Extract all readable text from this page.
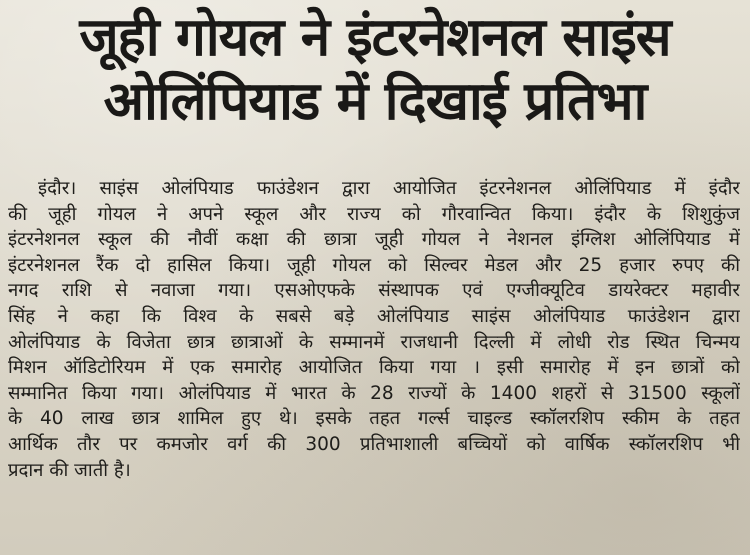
जूही गोयल ने इंटरनेशनल साइंस
ओलिंपियाड में दिखाई प्रतिभा
इंदौर। साइंस ओलंपियाड फाउंडेशन द्वारा आयोजित इंटरनेशनल ओलिंपियाड में इंदौर
की जूही गोयल ने अपने स्कूल और राज्य को गौरवान्वित किया। इंदौर के शिशुकुंज
इंटरनेशनल स्कूल की नौवीं कक्षा की छात्रा जूही गोयल ने नेशनल इंग्लिश ओलिंपियाड में
इंटरनेशनल रैंक दो हासिल किया। जूही गोयल को सिल्वर मेडल और 25 हजार रुपए की
नगद राशि से नवाजा गया। एसओएफके संस्थापक एवं एग्जीक्यूटिव डायरेक्टर महावीर
सिंह ने कहा कि विश्व के सबसे बड़े ओलंपियाड साइंस ओलंपियाड फाउंडेशन द्वारा
ओलंपियाड के विजेता छात्र छात्राओं के सम्मानमें राजधानी दिल्ली में लोधी रोड स्थित चिन्मय
मिशन ऑडिटोरियम में एक समारोह आयोजित किया गया । इसी समारोह में इन छात्रों को
सम्मानित किया गया। ओलंपियाड में भारत के 28 राज्यों के 1400 शहरों से 31500 स्कूलों
के 40 लाख छात्र शामिल हुए थे। इसके तहत गर्ल्स चाइल्ड स्कॉलरशिप स्कीम के तहत
आर्थिक तौर पर कमजोर वर्ग की 300 प्रतिभाशाली बच्चियों को वार्षिक स्कॉलरशिप भी
प्रदान की जाती है।
